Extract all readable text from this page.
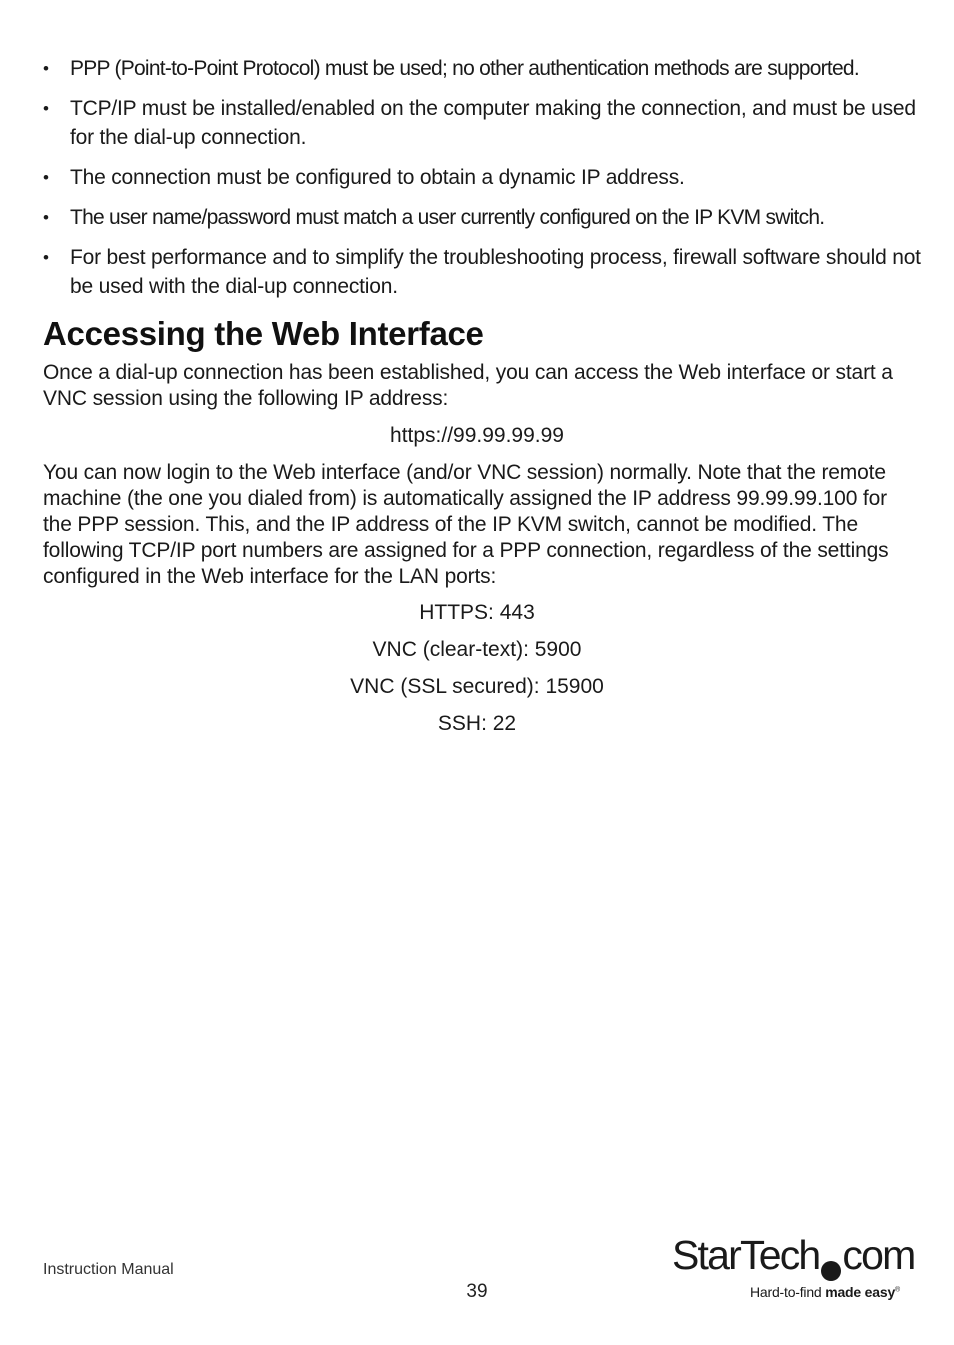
• PPP (Point-to-Point Protocol) must be used; no other authentication methods are supported.
• TCP/IP must be installed/enabled on the computer making the connection, and must be used for the dial-up connection.
• The connection must be configured to obtain a dynamic IP address.
• The user name/password must match a user currently configured on the IP KVM switch.
• For best performance and to simplify the troubleshooting process, firewall software should not be used with the dial-up connection.
Accessing the Web Interface

Once a dial-up connection has been established, you can access the Web interface or start a VNC session using the following IP address:

https://99.99.99.99

You can now login to the Web interface (and/or VNC session) normally. Note that the remote machine (the one you dialed from) is automatically assigned the IP address 99.99.99.100 for the PPP session. This, and the IP address of the IP KVM switch, cannot be modified. The following TCP/IP port numbers are assigned for a PPP connection, regardless of the settings configured in the Web interface for the LAN ports:

HTTPS: 443
VNC (clear-text): 5900
VNC (SSL secured): 15900
SSH: 22
Instruction Manual
39
StarTech com
Hard-to-find made easy®
